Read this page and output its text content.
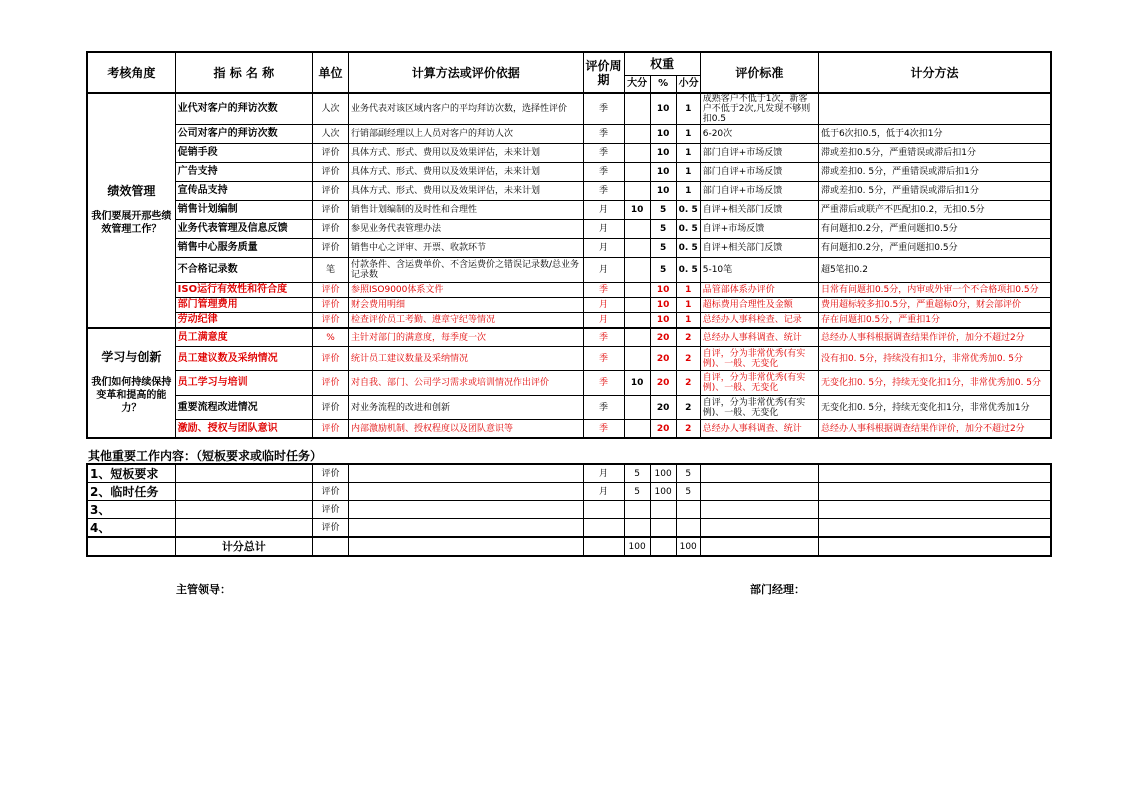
考核角度	指 标 名 称	单位	计算方法或评价依据	评价周期	权重			评价标准	计分方法
					大分	%	小分		

绩效管理
我们要展开那些绩效管理工作？	业代对客户的拜访次数	人次	业务代表对该区域内客户的平均拜访次数，选择性评价	季		10	1	成熟客户不低于1次，新客户不低于2次,凡发现不够则扣0.5	
	公司对客户的拜访次数	人次	行销部副经理以上人员对客户的拜访人次	季		10	1	6-20次	低于6次扣0.5，低于4次扣1分
	促销手段	评价	具体方式、形式、费用以及效果评估，未来计划	季		10	1	部门自评+市场反馈	滞或差扣0.5分，严重错误或滞后扣1分
	广告支持	评价	具体方式、形式、费用以及效果评估，未来计划	季		10	1	部门自评+市场反馈	滞或差扣0. 5分，严重错误或滞后扣1分
	宣传品支持	评价	具体方式、形式、费用以及效果评估，未来计划	季		10	1	部门自评+市场反馈	滞或差扣0. 5分，严重错误或滞后扣1分
	销售计划编制	评价	销售计划编制的及时性和合理性	月	10	5	0. 5	自评+相关部门反馈	严重滞后或联产不匹配扣0.2，无扣0.5分
	业务代表管理及信息反馈	评价	参见业务代表管理办法	月		5	0. 5	自评+市场反馈	有问题扣0.2分，严重问题扣0.5分
	销售中心服务质量	评价	销售中心之评审、开票、收款环节	月		5	0. 5	自评+相关部门反馈	有问题扣0.2分，严重问题扣0.5分
	不合格记录数	笔	付款条件、含运费单价、不含运费价之错误记录数/总业务记录数	月		5	0. 5	5-10笔	超5笔扣0.2
	ISO运行有效性和符合度	评价	参照ISO9000体系文件	季		10	1	品管部体系办评价	日常有问题扣0.5分，内审或外审一个不合格项扣0.5分
	部门管理费用	评价	财会费用明细	月		10	1	超标费用合理性及金额	费用超标较多扣0.5分，严重超标0分，财会部评价
	劳动纪律	评价	检查评价员工考勤、遵章守纪等情况	月		10	1	总经办人事科检查、记录	存在问题扣0.5分，严重扣1分

学习与创新
我们如何持续保持变革和提高的能力？	员工满意度	%	主针对部门的满意度，每季度一次	季		20	2	总经办人事科调查、统计	总经办人事科根据调查结果作评价，加分不超过2分
	员工建议数及采纳情况	评价	统计员工建议数量及采纳情况	季		20	2	自评，分为非常优秀(有实例)、一般、无变化	没有扣0. 5分，持续没有扣1分，非常优秀加0. 5分
	员工学习与培训	评价	对自我、部门、公司学习需求或培训情况作出评价	季	10	20	2	自评，分为非常优秀(有实例)、一般、无变化	无变化扣0. 5分，持续无变化扣1分，非常优秀加0. 5分
	重要流程改进情况	评价	对业务流程的改进和创新	季		20	2	自评，分为非常优秀(有实例)、一般、无变化	无变化扣0. 5分，持续无变化扣1分，非常优秀加1分
	激励、授权与团队意识	评价	内部激励机制、授权程度以及团队意识等	季		20	2	总经办人事科调查、统计	总经办人事科根据调查结果作评价，加分不超过2分
其他重要工作内容：（短板要求或临时任务）
1、短板要求		评价		月	5	100	5		
2、临时任务		评价		月	5	100	5		
3、		评价							
4、		评价							
	计分总计				100		100		
主管领导：	部门经理：
